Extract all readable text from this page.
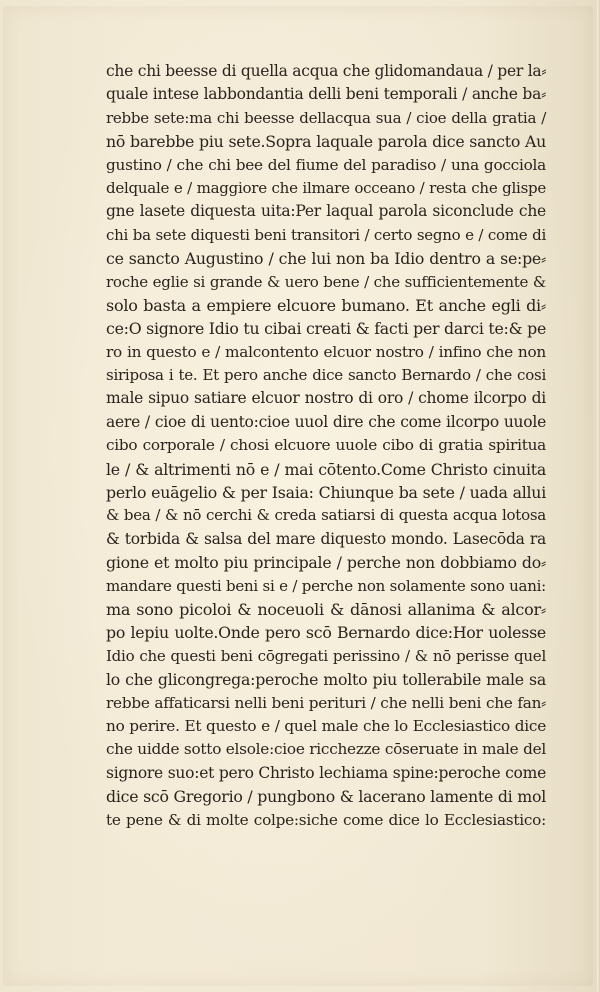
che chi beesse di quella acqua che glidomandaua / per la⸗
quale intese labbondantia delli beni temporali / anche ba⸗
rebbe sete:ma chi beesse dellacqua sua / cioe della gratia /
nō barebbe piu sete.Sopra laquale parola dice sancto Au
gustino / che chi bee del fiume del paradiso / una gocciola
delquale e / maggiore che ilmare occeano / resta che glispe
gne lasete diquesta uita:Per laqual parola siconclude che
chi ba sete diquesti beni transitori / certo segno e / come di
ce sancto Augustino / che lui non ba Idio dentro a se:pe⸗
roche eglie si grande & uero bene / che sufficientemente &
solo basta a empiere elcuore bumano. Et anche egli di⸗
ce:O signore Idio tu cibai creati & facti per darci te:& pe
ro in questo e / malcontento elcuor nostro / infino che non
siriposa i te. Et pero anche dice sancto Bernardo / che cosi
male sipuo satiare elcuor nostro di oro / chome ilcorpo di
aere / cioe di uento:cioe uuol dire che come ilcorpo uuole
cibo corporale / chosi elcuore uuole cibo di gratia spiritua
le / & altrimenti nō e / mai cōtento.Come Christo cinuita
perlo euāgelio & per Isaia: Chiunque ba sete / uada allui
& bea / & nō cerchi & creda satiarsi di questa acqua lotosa
& torbida & salsa del mare diquesto mondo. Lasecōda ra
gione et molto piu principale / perche non dobbiamo do⸗
mandare questi beni si e / perche non solamente sono uani:
ma sono picoloi & noceuoli & dānosi allanima & alcor⸗
po lepiu uolte.Onde pero scō Bernardo dice:Hor uolesse
Idio che questi beni cōgregati perissino / & nō perisse quel
lo che glicongrega:peroche molto piu tollerabile male sa
rebbe affaticarsi nelli beni perituri / che nelli beni che fan⸗
no perire. Et questo e / quel male che lo Ecclesiastico dice
che uidde sotto elsole:cioe ricchezze cōseruate in male del
signore suo:et pero Christo lechiama spine:peroche come
dice scō Gregorio / pungbono & lacerano lamente di mol
te pene & di molte colpe:siche come dice lo Ecclesiastico:
